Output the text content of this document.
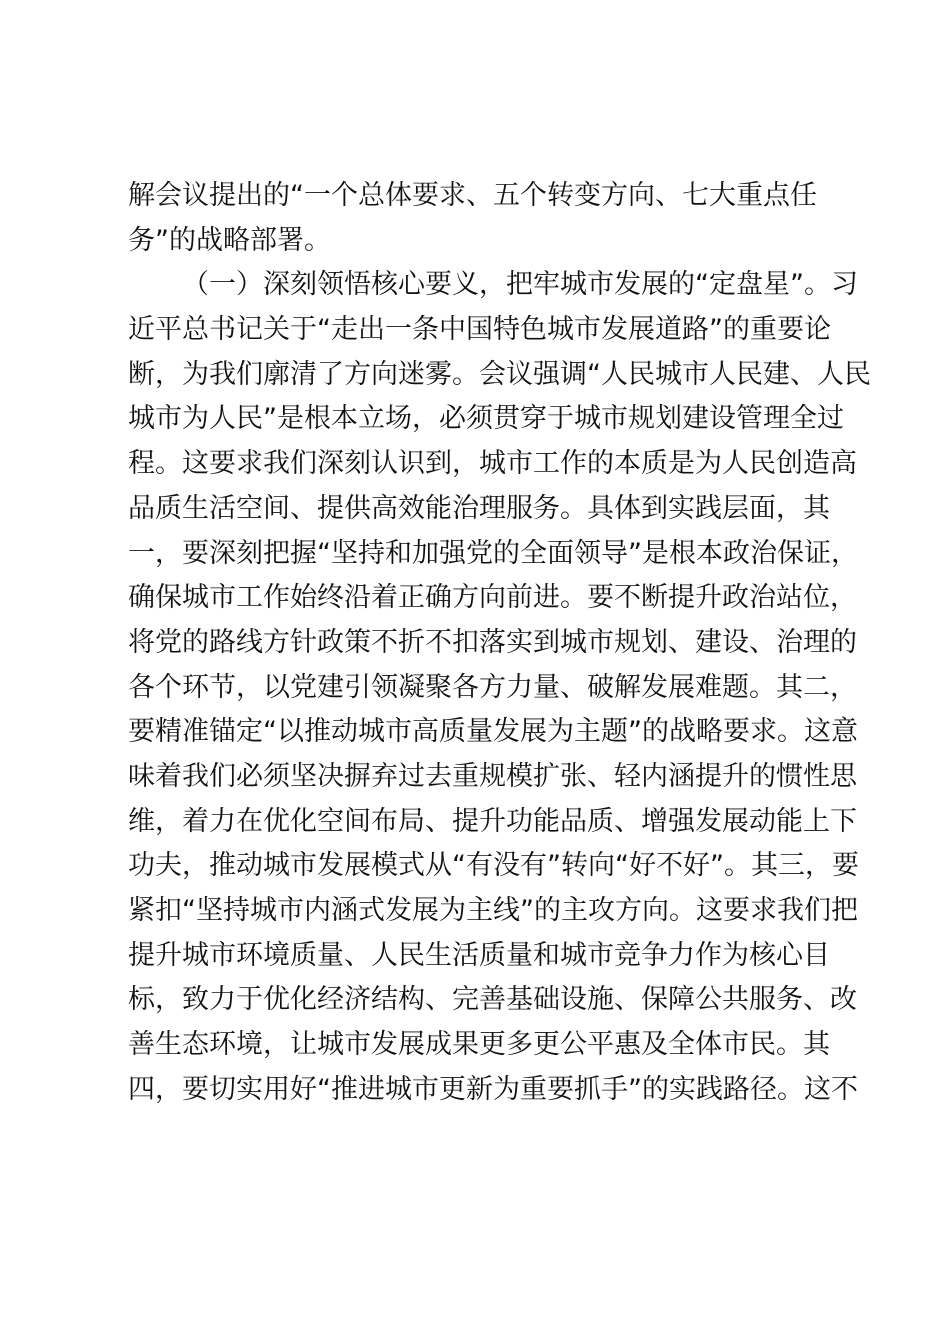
解会议提出的“一个总体要求、五个转变方向、七大重点任
务”的战略部署。
（一）深刻领悟核心要义，把牢城市发展的“定盘星”。习
近平总书记关于“走出一条中国特色城市发展道路”的重要论
断，为我们廓清了方向迷雾。会议强调“人民城市人民建、人民
城市为人民”是根本立场，必须贯穿于城市规划建设管理全过
程。这要求我们深刻认识到，城市工作的本质是为人民创造高
品质生活空间、提供高效能治理服务。具体到实践层面，其
一，要深刻把握“坚持和加强党的全面领导”是根本政治保证，
确保城市工作始终沿着正确方向前进。要不断提升政治站位，
将党的路线方针政策不折不扣落实到城市规划、建设、治理的
各个环节，以党建引领凝聚各方力量、破解发展难题。其二，
要精准锚定“以推动城市高质量发展为主题”的战略要求。这意
味着我们必须坚决摒弃过去重规模扩张、轻内涵提升的惯性思
维，着力在优化空间布局、提升功能品质、增强发展动能上下
功夫，推动城市发展模式从“有没有”转向“好不好”。其三，要
紧扣“坚持城市内涵式发展为主线”的主攻方向。这要求我们把
提升城市环境质量、人民生活质量和城市竞争力作为核心目
标，致力于优化经济结构、完善基础设施、保障公共服务、改
善生态环境，让城市发展成果更多更公平惠及全体市民。其
四，要切实用好“推进城市更新为重要抓手”的实践路径。这不
